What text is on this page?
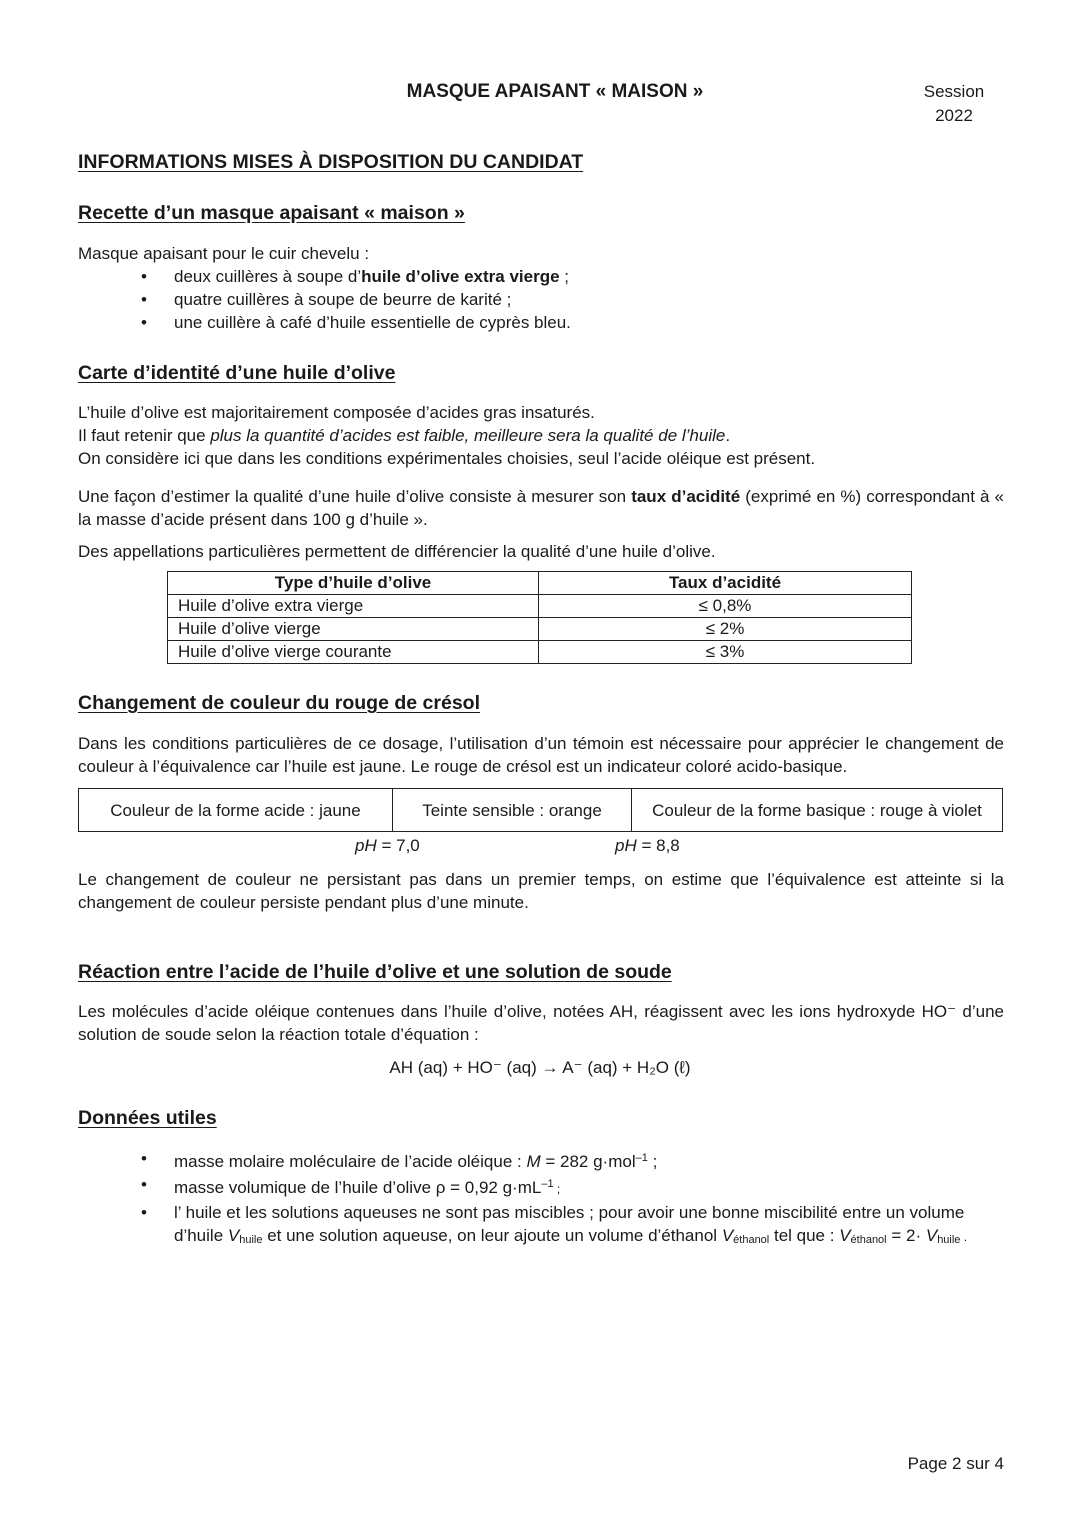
MASQUE APAISANT « MAISON »	Session
2022
INFORMATIONS MISES À DISPOSITION DU CANDIDAT
Recette d’un masque apaisant « maison »
Masque apaisant pour le cuir chevelu :
• deux cuillères à soupe d’huile d’olive extra vierge ;
• quatre cuillères à soupe de beurre de karité ;
• une cuillère à café d’huile essentielle de cyprès bleu.
Carte d’identité d’une huile d’olive
L’huile d’olive est majoritairement composée d’acides gras insaturés.
Il faut retenir que plus la quantité d’acides est faible, meilleure sera la qualité de l’huile.
On considère ici que dans les conditions expérimentales choisies, seul l’acide oléique est présent.
Une façon d’estimer la qualité d’une huile d’olive consiste à mesurer son taux d’acidité (exprimé en %) correspondant à « la masse d’acide présent dans 100 g d’huile ».
Des appellations particulières permettent de différencier la qualité d’une huile d’olive.
Type d’huile d’olive	Taux d’acidité
Huile d’olive extra vierge	≤ 0,8%
Huile d’olive vierge	≤ 2%
Huile d’olive vierge courante	≤ 3%
Changement de couleur du rouge de crésol
Dans les conditions particulières de ce dosage, l’utilisation d’un témoin est nécessaire pour apprécier le changement de couleur à l’équivalence car l’huile est jaune. Le rouge de crésol est un indicateur coloré acido-basique.
Couleur de la forme acide : jaune	Teinte sensible : orange	Couleur de la forme basique : rouge à violet
pH = 7,0	pH = 8,8
Le changement de couleur ne persistant pas dans un premier temps, on estime que l’équivalence est atteinte si la changement de couleur persiste pendant plus d’une minute.
Réaction entre l’acide de l’huile d’olive et une solution de soude
Les molécules d’acide oléique contenues dans l’huile d’olive, notées AH, réagissent avec les ions hydroxyde HO⁻ d’une solution de soude selon la réaction totale d’équation :
AH (aq) + HO⁻ (aq) → A⁻ (aq) + H₂O (ℓ)
Données utiles
• masse molaire moléculaire de l’acide oléique : M = 282 g·mol$^{-1}$ ;
• masse volumique de l’huile d’olive ρ = 0,92 $g\cdot mL^{-1}$ ;
• l’ huile et les solutions aqueuses ne sont pas miscibles ; pour avoir une bonne miscibilité entre un volume d’huile $V_{huile}$ et une solution aqueuse, on leur ajoute un volume d’éthanol $V_{éthanol}$ tel que : $V_{éthanol} = 2\cdot V_{huile}$ .
Page 2 sur 4
